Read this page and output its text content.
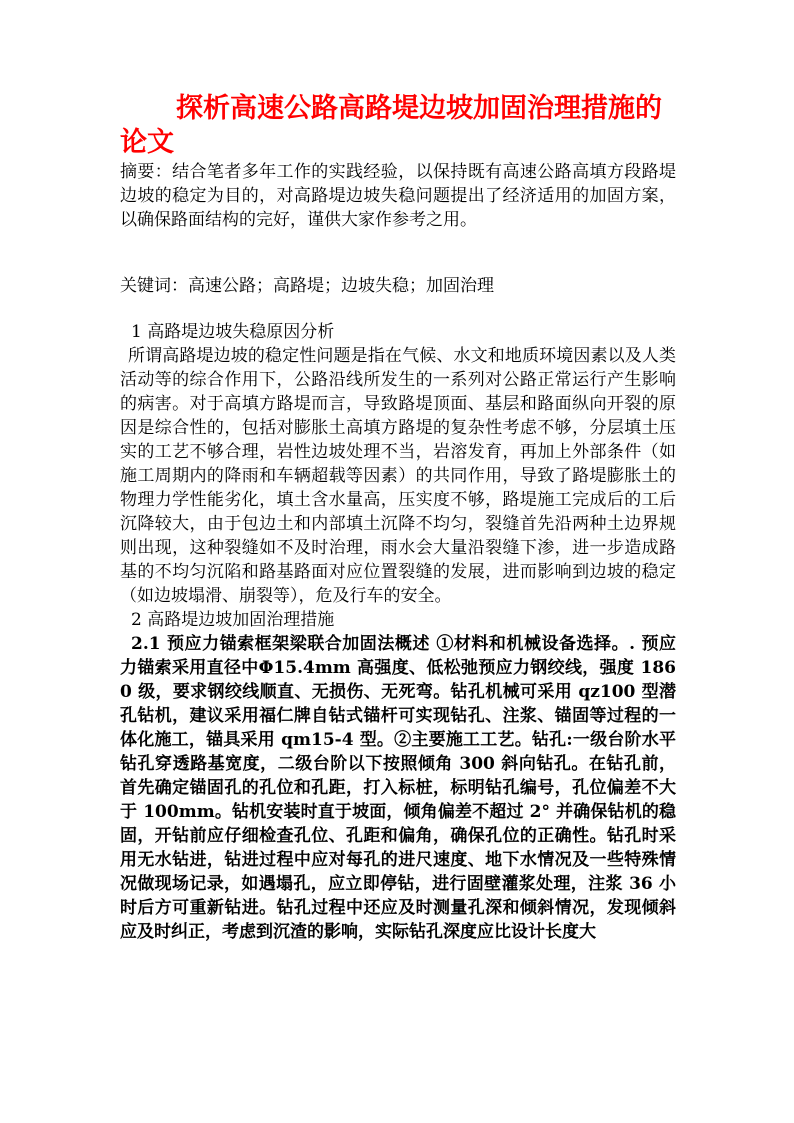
探析高速公路高路堤边坡加固治理措施的论文

摘要：结合笔者多年工作的实践经验，以保持既有高速公路高填方段路堤边坡的稳定为目的，对高路堤边坡失稳问题提出了经济适用的加固方案，以确保路面结构的完好，谨供大家作参考之用。

关键词：高速公路；高路堤；边坡失稳；加固治理

1 高路堤边坡失稳原因分析

所谓高路堤边坡的稳定性问题是指在气候、水文和地质环境因素以及人类活动等的综合作用下，公路沿线所发生的一系列对公路正常运行产生影响的病害。对于高填方路堤而言，导致路堤顶面、基层和路面纵向开裂的原因是综合性的，包括对膨胀土高填方路堤的复杂性考虑不够，分层填土压实的工艺不够合理，岩性边坡处理不当，岩溶发育，再加上外部条件（如施工周期内的降雨和车辆超载等因素）的共同作用，导致了路堤膨胀土的物理力学性能劣化，填土含水量高，压实度不够，路堤施工完成后的工后沉降较大，由于包边土和内部填土沉降不均匀，裂缝首先沿两种土边界规则出现，这种裂缝如不及时治理，雨水会大量沿裂缝下渗，进一步造成路基的不均匀沉陷和路基路面对应位置裂缝的发展，进而影响到边坡的稳定（如边坡塌滑、崩裂等），危及行车的安全。

2 高路堤边坡加固治理措施

2.1 预应力锚索框架梁联合加固法概述 ①材料和机械设备选择。. 预应力锚索采用直径中Φ15.4mm 高强度、低松弛预应力钢绞线，强度 1860 级，要求钢绞线顺直、无损伤、无死弯。钻孔机械可采用 qz100 型潜孔钻机，建议采用福仁牌自钻式锚杆可实现钻孔、注浆、锚固等过程的一体化施工，锚具采用 qm15-4 型。②主要施工工艺。钻孔:一级台阶水平钻孔穿透路基宽度，二级台阶以下按照倾角 300 斜向钻孔。在钻孔前，首先确定锚固孔的孔位和孔距，打入标桩，标明钻孔编号，孔位偏差不大于 100mm。钻机安装时直于坡面，倾角偏差不超过 2° 并确保钻机的稳固，开钻前应仔细检查孔位、孔距和偏角，确保孔位的正确性。钻孔时采用无水钻进，钻进过程中应对每孔的进尺速度、地下水情况及一些特殊情况做现场记录，如遇塌孔，应立即停钻，进行固壁灌浆处理，注浆 36 小时后方可重新钻进。钻孔过程中还应及时测量孔深和倾斜情况，发现倾斜应及时纠正，考虑到沉渣的影响，实际钻孔深度应比设计长度大
